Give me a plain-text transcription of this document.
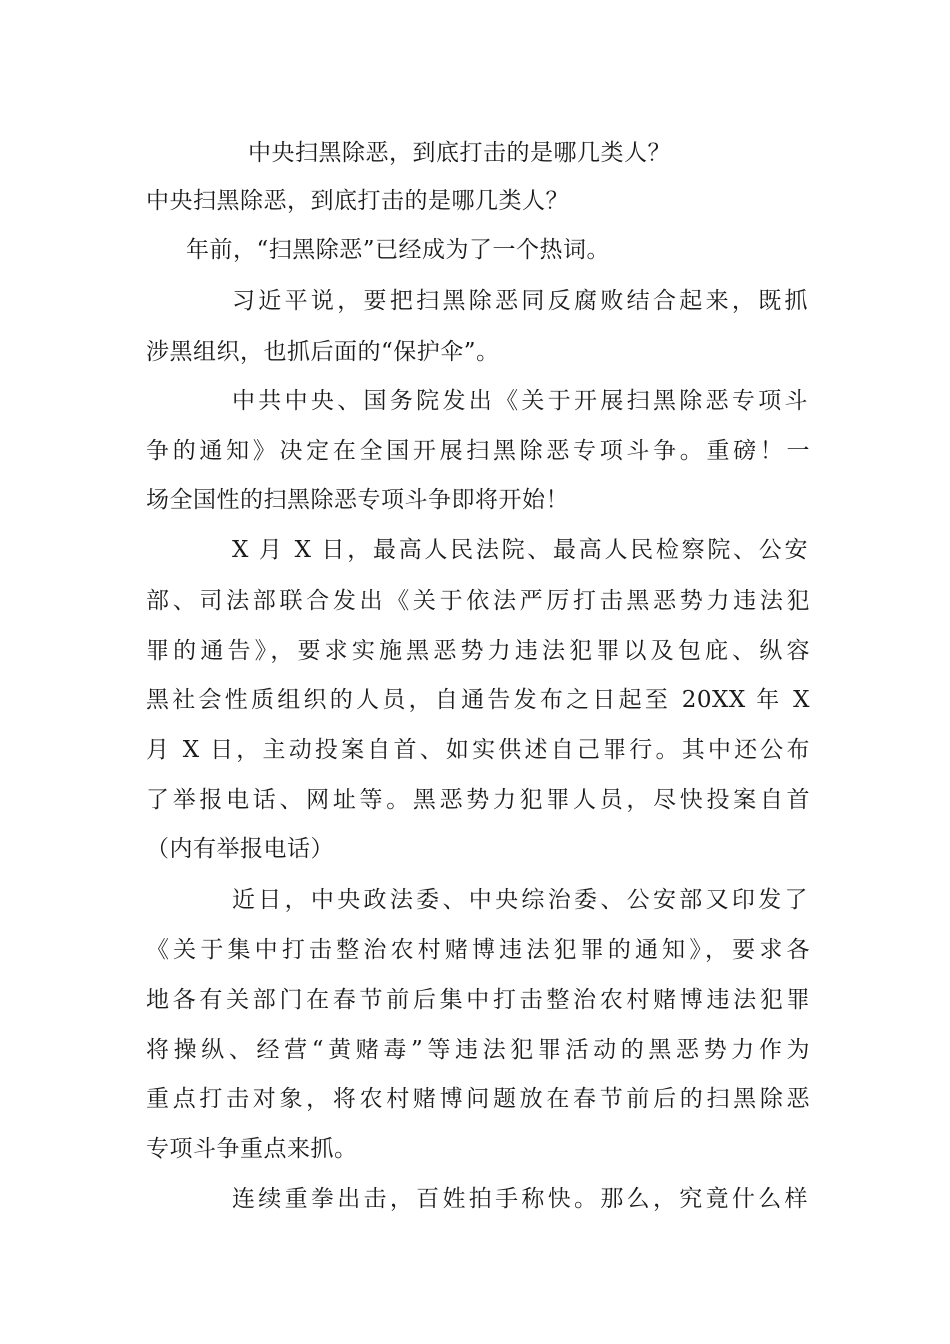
中央扫黑除恶，到底打击的是哪几类人？
中央扫黑除恶，到底打击的是哪几类人？
年前，“扫黑除恶”已经成为了一个热词。
习近平说，要把扫黑除恶同反腐败结合起来，既抓
涉黑组织，也抓后面的“保护伞”。
中共中央、国务院发出《关于开展扫黑除恶专项斗
争的通知》决定在全国开展扫黑除恶专项斗争。重磅！一
场全国性的扫黑除恶专项斗争即将开始！
X 月 X 日，最高人民法院、最高人民检察院、公安
部、司法部联合发出《关于依法严厉打击黑恶势力违法犯
罪的通告》，要求实施黑恶势力违法犯罪以及包庇、纵容
黑社会性质组织的人员，自通告发布之日起至 20XX 年 X
月 X 日，主动投案自首、如实供述自己罪行。其中还公布
了举报电话、网址等。黑恶势力犯罪人员，尽快投案自首
（内有举报电话）
近日，中央政法委、中央综治委、公安部又印发了
《关于集中打击整治农村赌博违法犯罪的通知》，要求各
地各有关部门在春节前后集中打击整治农村赌博违法犯罪
将操纵、经营“黄赌毒”等违法犯罪活动的黑恶势力作为
重点打击对象，将农村赌博问题放在春节前后的扫黑除恶
专项斗争重点来抓。
连续重拳出击，百姓拍手称快。那么，究竟什么样
